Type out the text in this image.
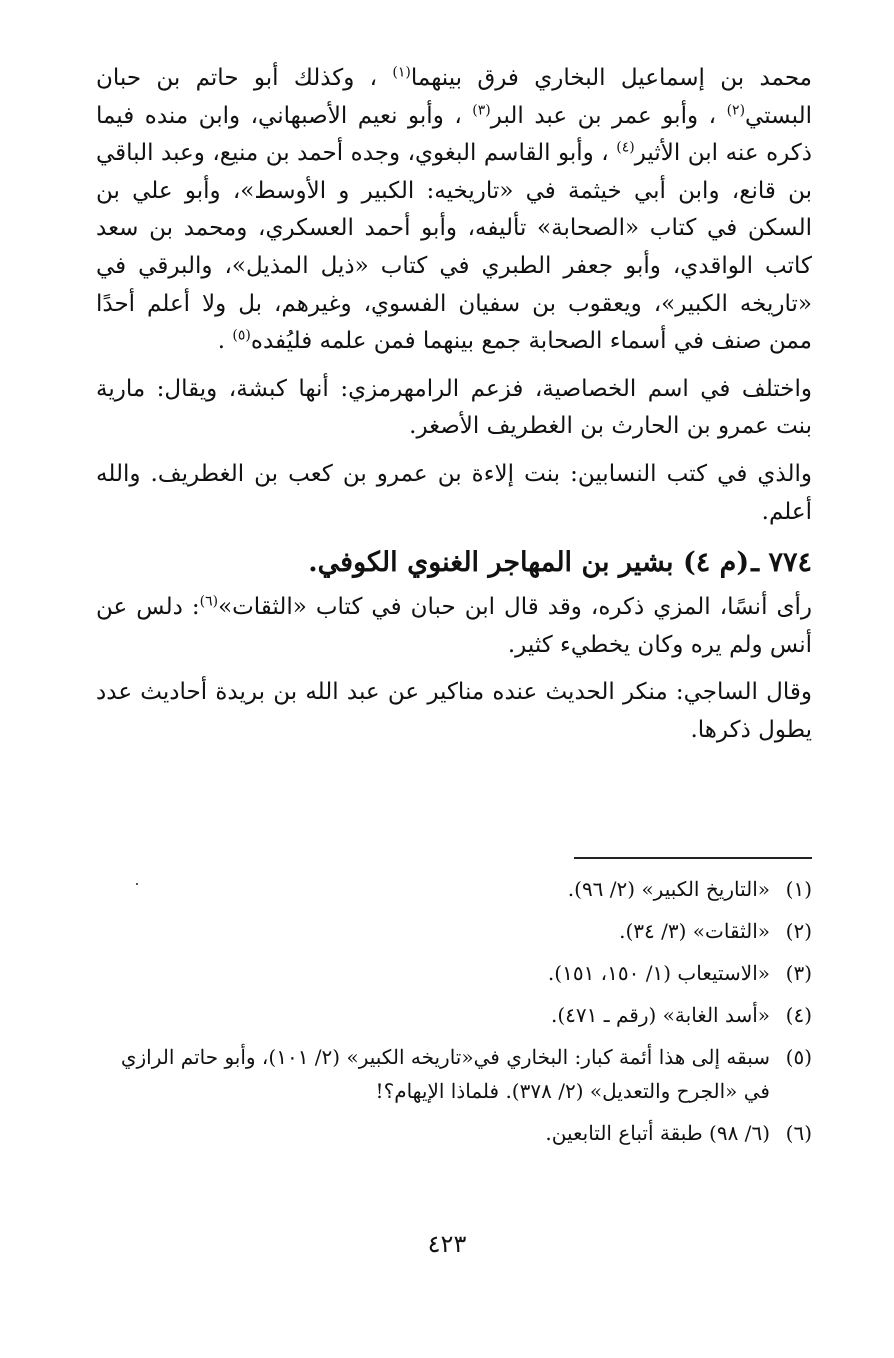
محمد بن إسماعيل البخاري فرق بينهما$^{(١)}$ ، وكذلك أبو حاتم بن حبان البستي$^{(٢)}$ ، وأبو عمر بن عبد البر$^{(٣)}$ ، وأبو نعيم الأصبهاني، وابن منده فيما ذكره عنه ابن الأثير$^{(٤)}$ ، وأبو القاسم البغوي، وجده أحمد بن منيع، وعبد الباقي بن قانع، وابن أبي خيثمة في «تاريخيه: الكبير و الأوسط»، وأبو علي بن السكن في كتاب «الصحابة» تأليفه، وأبو أحمد العسكري، ومحمد بن سعد كاتب الواقدي، وأبو جعفر الطبري في كتاب «ذيل المذيل»، والبرقي في «تاريخه الكبير»، ويعقوب بن سفيان الفسوي، وغيرهم، بل ولا أعلم أحدًا ممن صنف في أسماء الصحابة جمع بينهما فمن علمه فليُفده$^{(٥)}$ .

واختلف في اسم الخصاصية، فزعم الرامهرمزي: أنها كبشة، ويقال: مارية بنت عمرو بن الحارث بن الغطريف الأصغر.

والذي في كتب النسابين: بنت إلاءة بن عمرو بن كعب بن الغطريف. والله أعلم.

٧٧٤ ـ(م ٤) بشير بن المهاجر الغنوي الكوفي.

رأى أنسًا، المزي ذكره، وقد قال ابن حبان في كتاب «الثقات»$^{(٦)}$: دلس عن أنس ولم يره وكان يخطيء كثير.

وقال الساجي: منكر الحديث عنده مناكير عن عبد الله بن بريدة أحاديث عدد يطول ذكرها.

(١)
«التاريخ الكبير» (٢/ ٩٦).
(٢)
«الثقات» (٣/ ٣٤).
(٣)
«الاستيعاب (١/ ١٥٠، ١٥١).
(٤)
«أسد الغابة» (رقم ـ ٤٧١).
(٥)
سبقه إلى هذا أئمة كبار: البخاري في«تاريخه الكبير» (٢/ ١٠١)، وأبو حاتم الرازي في «الجرح والتعديل» (٢/ ٣٧٨). فلماذا الإيهام؟!
(٦)
(٦/ ٩٨) طبقة أتباع التابعين.
٤٢٣
